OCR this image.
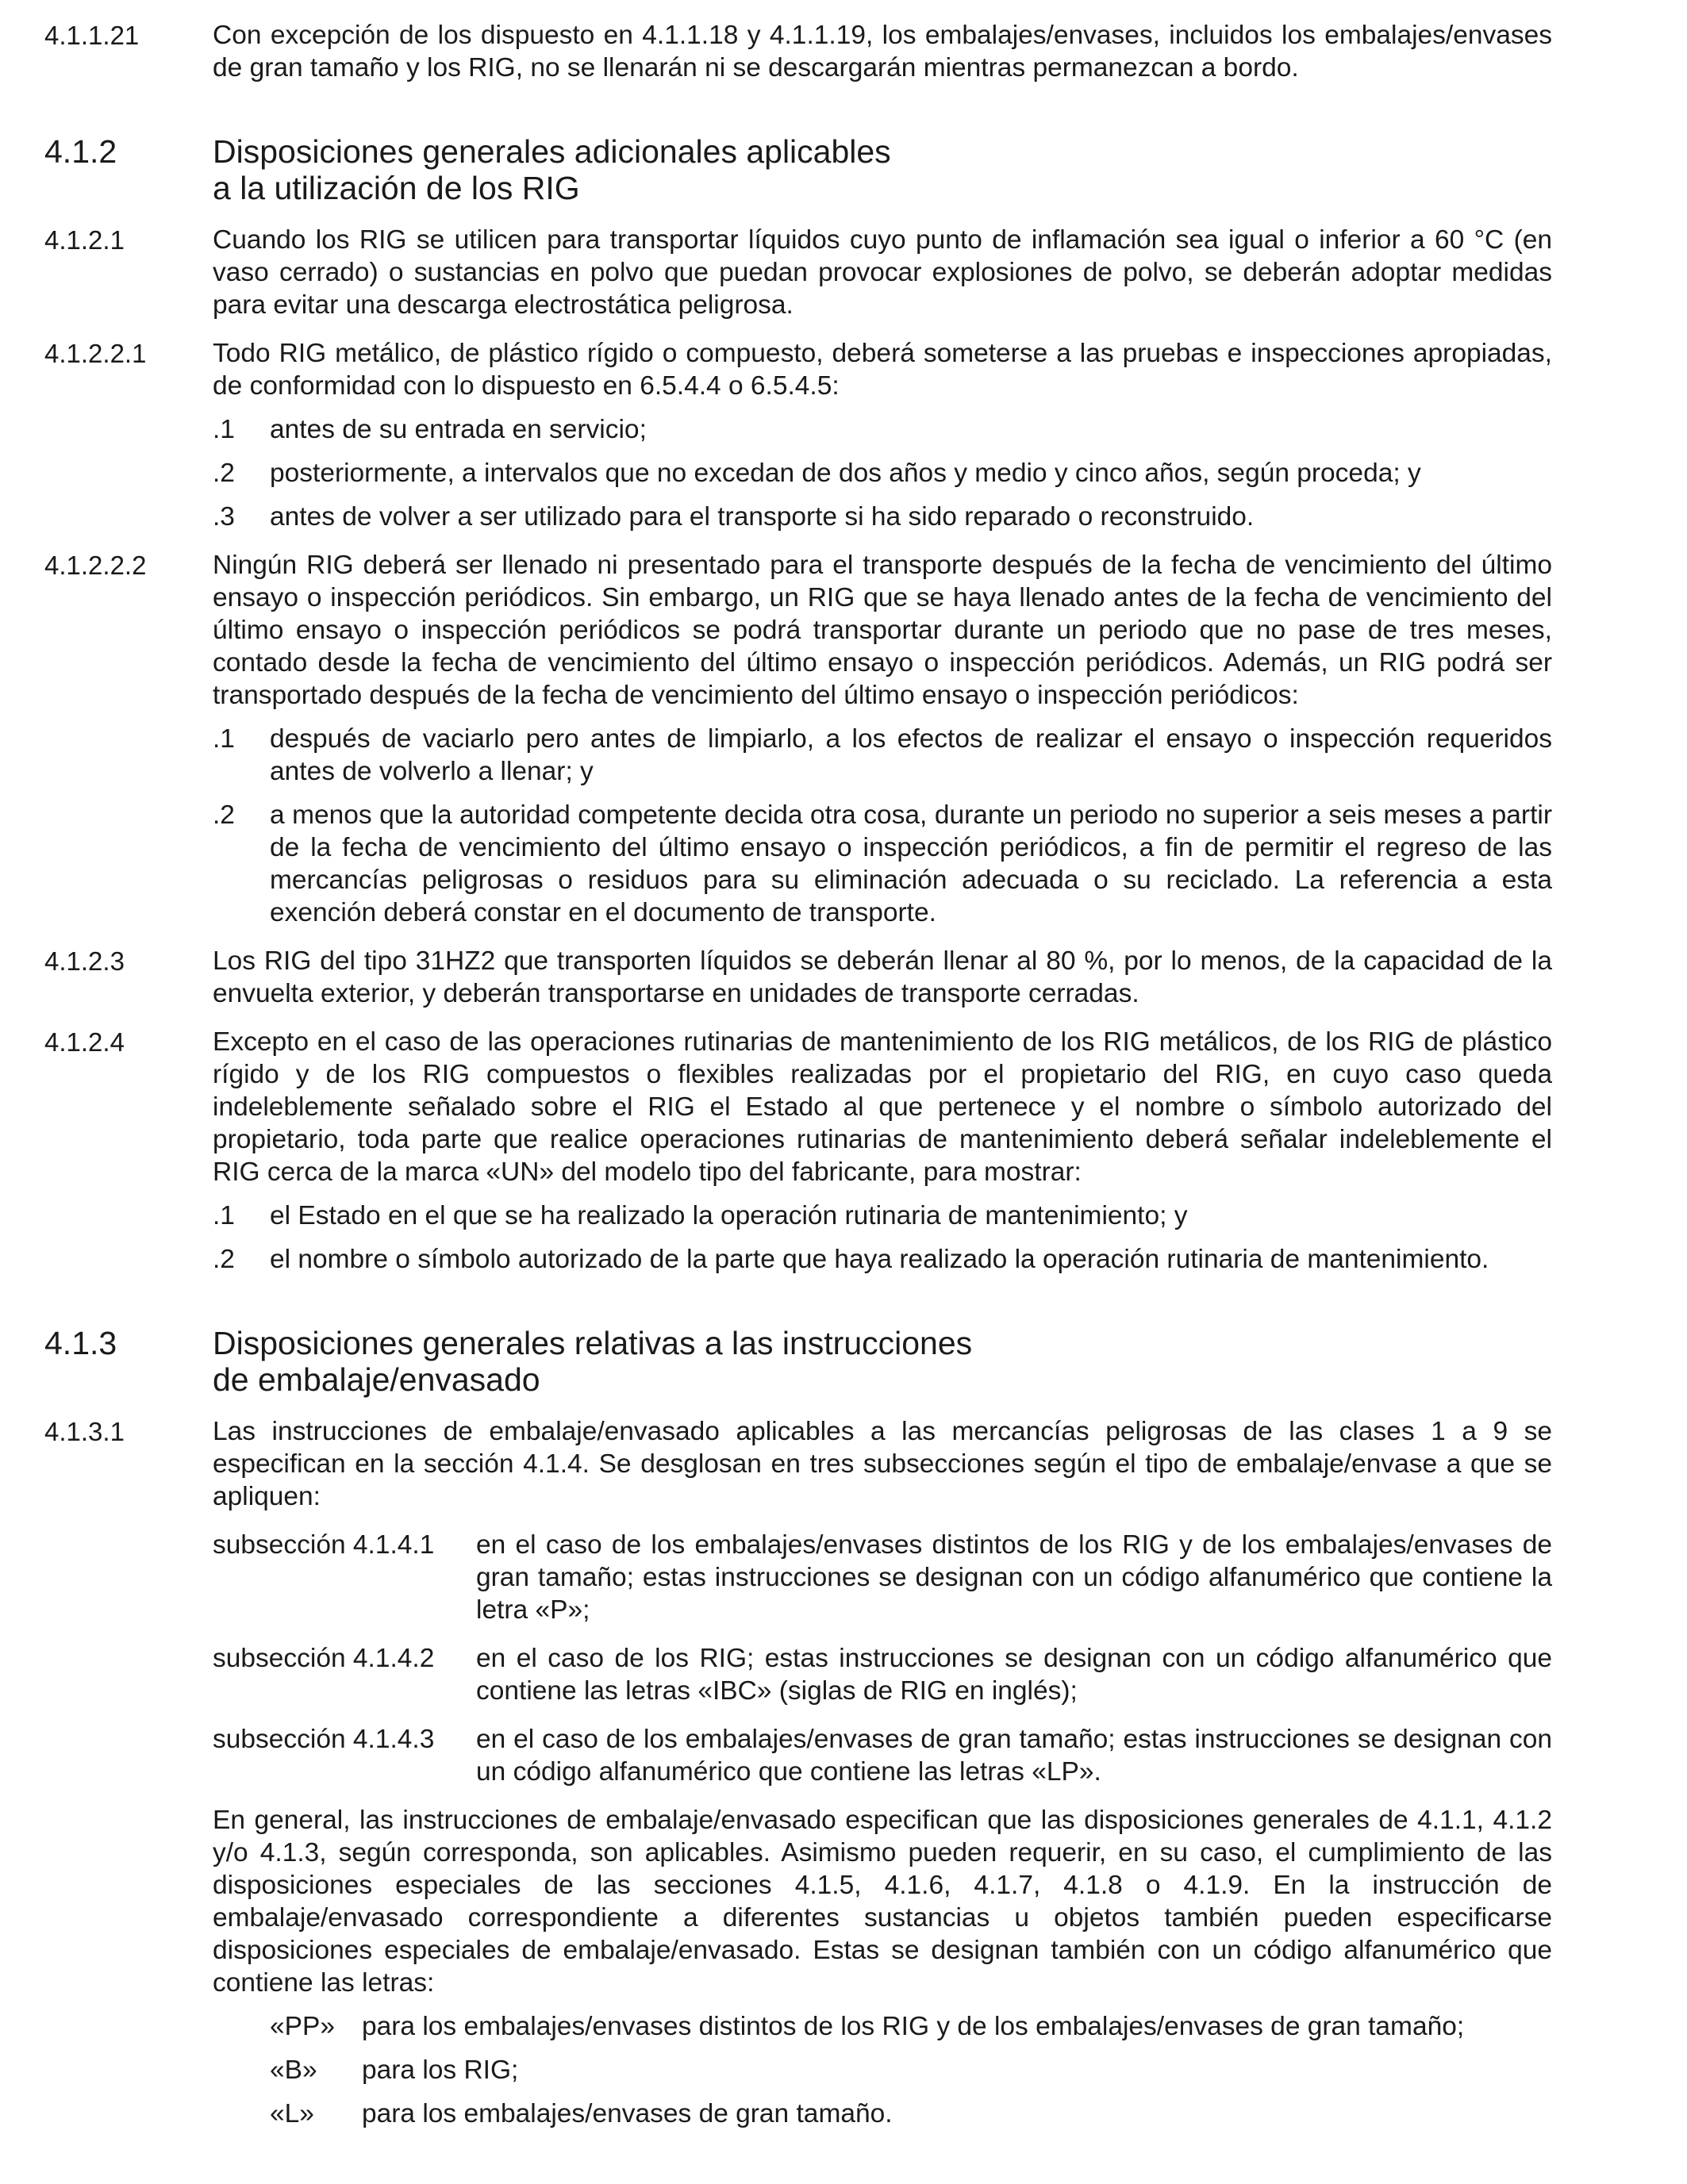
4.1.1.21	Con excepción de los dispuesto en 4.1.1.18 y 4.1.1.19, los embalajes/envases, incluidos los embalajes/envases de gran tamaño y los RIG, no se llenarán ni se descargarán mientras permanezcan a bordo.
4.1.2	Disposiciones generales adicionales aplicables
a la utilización de los RIG
4.1.2.1	Cuando los RIG se utilicen para transportar líquidos cuyo punto de inflamación sea igual o inferior a 60 °C (en vaso cerrado) o sustancias en polvo que puedan provocar explosiones de polvo, se deberán adoptar medidas para evitar una descarga electrostática peligrosa.
4.1.2.2.1	Todo RIG metálico, de plástico rígido o compuesto, deberá someterse a las pruebas e inspecciones apropiadas, de conformidad con lo dispuesto en 6.5.4.4 o 6.5.4.5:
.1	antes de su entrada en servicio;
.2	posteriormente, a intervalos que no excedan de dos años y medio y cinco años, según proceda; y
.3	antes de volver a ser utilizado para el transporte si ha sido reparado o reconstruido.
4.1.2.2.2	Ningún RIG deberá ser llenado ni presentado para el transporte después de la fecha de vencimiento del último ensayo o inspección periódicos. Sin embargo, un RIG que se haya llenado antes de la fecha de vencimiento del último ensayo o inspección periódicos se podrá transportar durante un periodo que no pase de tres meses, contado desde la fecha de vencimiento del último ensayo o inspección periódicos. Además, un RIG podrá ser transportado después de la fecha de vencimiento del último ensayo o inspección periódicos:
.1	después de vaciarlo pero antes de limpiarlo, a los efectos de realizar el ensayo o inspección requeridos antes de volverlo a llenar; y
.2	a menos que la autoridad competente decida otra cosa, durante un periodo no superior a seis meses a partir de la fecha de vencimiento del último ensayo o inspección periódicos, a fin de permitir el regreso de las mercancías peligrosas o residuos para su eliminación adecuada o su reciclado. La referencia a esta exención deberá constar en el documento de transporte.
4.1.2.3	Los RIG del tipo 31HZ2 que transporten líquidos se deberán llenar al 80 %, por lo menos, de la capacidad de la envuelta exterior, y deberán transportarse en unidades de transporte cerradas.
4.1.2.4	Excepto en el caso de las operaciones rutinarias de mantenimiento de los RIG metálicos, de los RIG de plástico rígido y de los RIG compuestos o flexibles realizadas por el propietario del RIG, en cuyo caso queda indeleblemente señalado sobre el RIG el Estado al que pertenece y el nombre o símbolo autorizado del propietario, toda parte que realice operaciones rutinarias de mantenimiento deberá señalar indeleblemente el RIG cerca de la marca «UN» del modelo tipo del fabricante, para mostrar:
.1	el Estado en el que se ha realizado la operación rutinaria de mantenimiento; y
.2	el nombre o símbolo autorizado de la parte que haya realizado la operación rutinaria de mantenimiento.
4.1.3	Disposiciones generales relativas a las instrucciones
de embalaje/envasado
4.1.3.1	Las instrucciones de embalaje/envasado aplicables a las mercancías peligrosas de las clases 1 a 9 se especifican en la sección 4.1.4. Se desglosan en tres subsecciones según el tipo de embalaje/envase a que se apliquen:
subsección 4.1.4.1	en el caso de los embalajes/envases distintos de los RIG y de los embalajes/envases de gran tamaño; estas instrucciones se designan con un código alfanumérico que contiene la letra «P»;
subsección 4.1.4.2	en el caso de los RIG; estas instrucciones se designan con un código alfanumérico que contiene las letras «IBC» (siglas de RIG en inglés);
subsección 4.1.4.3	en el caso de los embalajes/envases de gran tamaño; estas instrucciones se designan con un código alfanumérico que contiene las letras «LP».
En general, las instrucciones de embalaje/envasado especifican que las disposiciones generales de 4.1.1, 4.1.2 y/o 4.1.3, según corresponda, son aplicables. Asimismo pueden requerir, en su caso, el cumplimiento de las disposiciones especiales de las secciones 4.1.5, 4.1.6, 4.1.7, 4.1.8 o 4.1.9. En la instrucción de embalaje/envasado correspondiente a diferentes sustancias u objetos también pueden especificarse disposiciones especiales de embalaje/envasado. Estas se designan también con un código alfanumérico que contiene las letras:
«PP»	para los embalajes/envases distintos de los RIG y de los embalajes/envases de gran tamaño;
«B»	para los RIG;
«L»	para los embalajes/envases de gran tamaño.
